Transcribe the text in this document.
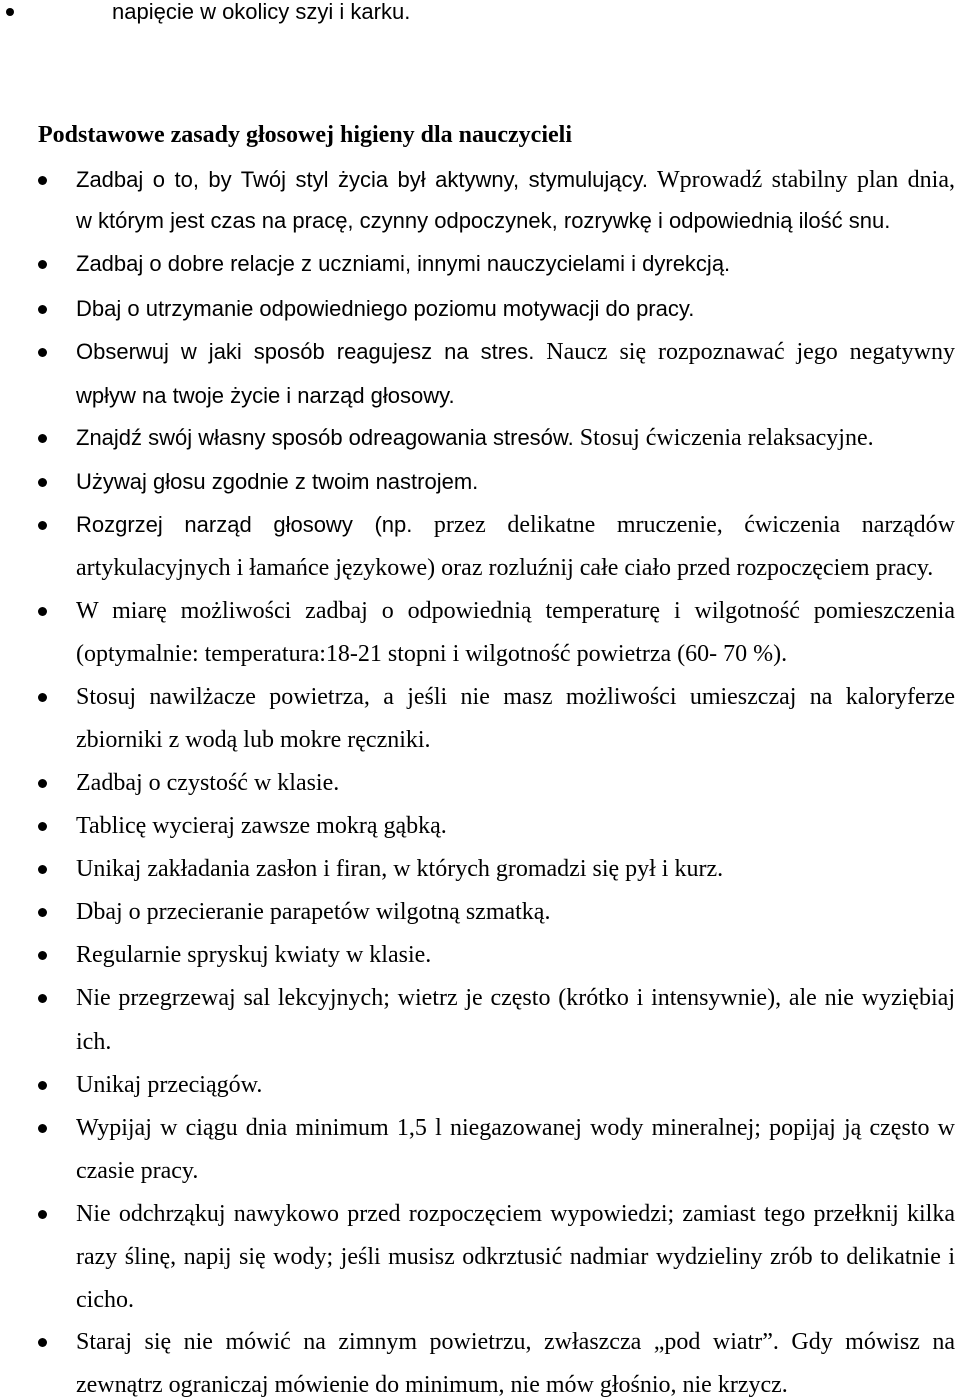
napięcie w okolicy szyi i karku.
Podstawowe zasady głosowej higieny dla nauczycieli
Zadbaj o to, by Twój styl życia był aktywny, stymulujący. Wprowadź stabilny plan dnia,
w którym jest czas na pracę, czynny odpoczynek, rozrywkę i odpowiednią ilość snu.
Zadbaj o dobre relacje z uczniami, innymi nauczycielami i dyrekcją.
Dbaj o utrzymanie odpowiedniego poziomu motywacji do pracy.
Obserwuj w jaki sposób reagujesz na stres. Naucz się rozpoznawać jego negatywny
wpływ na twoje życie i narząd głosowy.
Znajdź swój własny sposób odreagowania stresów. Stosuj ćwiczenia relaksacyjne.
Używaj głosu zgodnie z twoim nastrojem.
Rozgrzej narząd głosowy (np. przez delikatne mruczenie, ćwiczenia narządów
artykulacyjnych i łamańce językowe) oraz rozluźnij całe ciało przed rozpoczęciem pracy.
W miarę możliwości zadbaj o odpowiednią temperaturę i wilgotność pomieszczenia
(optymalnie: temperatura:18-21 stopni i wilgotność powietrza (60- 70 %).
Stosuj nawilżacze powietrza, a jeśli nie masz możliwości umieszczaj na kaloryferze
zbiorniki z wodą lub mokre ręczniki.
Zadbaj o czystość w klasie.
Tablicę wycieraj zawsze mokrą gąbką.
Unikaj zakładania zasłon i firan, w których gromadzi się pył i kurz.
Dbaj o przecieranie parapetów wilgotną szmatką.
Regularnie spryskuj kwiaty w klasie.
Nie przegrzewaj sal lekcyjnych; wietrz je często (krótko i intensywnie), ale nie wyziębiaj
ich.
Unikaj przeciągów.
Wypijaj w ciągu dnia minimum 1,5 l niegazowanej wody mineralnej; popijaj ją często w
czasie pracy.
Nie odchrząkuj nawykowo przed rozpoczęciem wypowiedzi; zamiast tego przełknij kilka
razy ślinę, napij się wody; jeśli musisz odkrztusić nadmiar wydzieliny zrób to delikatnie i
cicho.
Staraj się nie mówić na zimnym powietrzu, zwłaszcza „pod wiatr”. Gdy mówisz na
zewnątrz ograniczaj mówienie do minimum, nie mów głośnio, nie krzycz.
